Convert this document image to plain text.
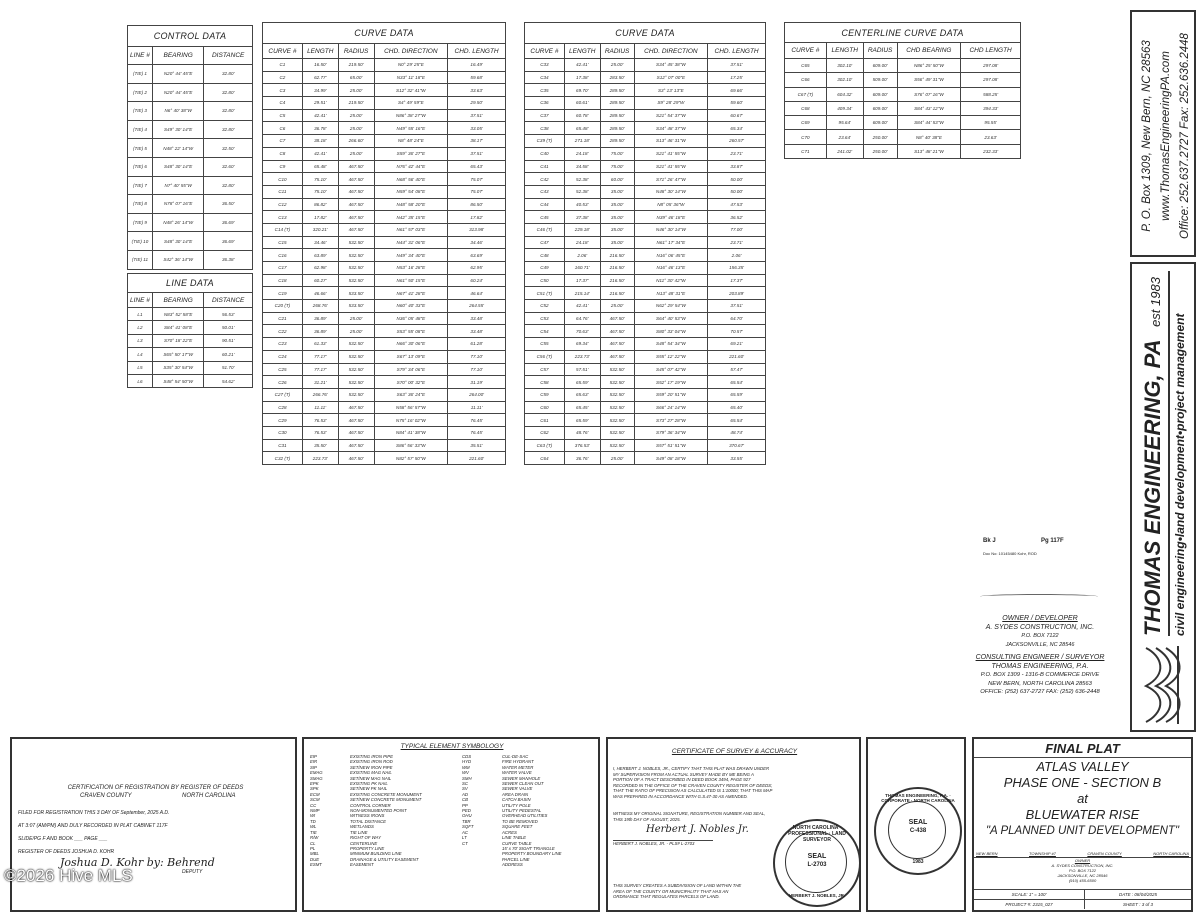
CONTROL DATA		
LINE #	BEARING	DISTANCE
(TIE) 1	N20° 44' 45"E	32.80'
(TIE) 2	N20° 44' 45"E	32.80'
(TIE) 3	N6° 40' 38"W	32.80'
(TIE) 4	S49° 30' 14"E	32.80'
(TIE) 5	N48° 22' 14"W	32.50'
(TIE) 6	S48° 30' 14"E	32.60'
(TIE) 7	N7° 40' 55"W	32.80'
(TIE) 8	N78° 07' 16"E	36.50'
(TIE) 9	N48° 26' 14"W	36.69'
(TIE) 10	S48° 30' 14"E	36.69'
(TIE) 11	S42° 36' 14"W	36.38'
LINE DATA		
LINE #	BEARING	DISTANCE
L1	N83° 52' 58"E	56.53'
L2	S84° 41' 08"E	50.01'
L3	S70° 18' 22"E	90.51'
L4	S65° 50' 17"W	60.21'
L5	S35° 30' 54"W	51.70'
L6	S48° 54' 50"W	54.62'
CURVE DATA				
CURVE #	LENGTH	RADIUS	CHD. DIRECTION	CHD. LENGTH
C1	16.50'	219.50'	N0° 29' 25"E	16.49'
C2	62.77'	65.00'	N33° 11' 18"E	59.68'
C3	34.99'	25.00'	S12° 32' 41"W	33.63'
C4	29.51'	219.50'	S4° 49' 59"E	29.50'
C5	42.41'	25.00'	N86° 38' 27"W	37.51'
C6	36.78'	25.00'	N49° 55' 16"E	33.05'
C7	38.18'	266.60'	N8° 48' 24"E	38.17'
C8	42.41'	25.00'	S59° 36' 27"E	37.51'
C9	65.48'	467.50'	N76° 42' 44"E	65.43'
C10	75.10'	467.50'	N68° 56' 40"E	75.07'
C11	75.10'	467.50'	N59° 54' 08"E	75.07'
C12	86.82'	467.50'	N48° 58' 20"E	86.50'
C13	17.82'	467.50'	N42° 35' 15"E	17.82'
C14 (T)	320.21'	467.50'	N61° 57' 03"E	313.98'
C15	34.46'	532.50'	N44° 31' 06"E	34.46'
C16	63.89'	532.50'	N49° 34' 40"E	63.69'
C17	62.98'	532.50'	N53° 16' 28"E	62.95'
C18	60.27'	532.50'	N61° 50' 15"E	60.24'
C19	46.66'	533.50'	N67° 41' 28"E	46.64'
C20 (T)	268.76'	533.50'	N60° 40' 33"E	264.55'
C21	36.89'	25.00'	N36° 05' 48"E	33.48'
C22	36.89'	25.00'	S53° 55' 08"E	33.48'
C23	61.33'	532.50'	N66° 30' 06"E	61.28'
C24	77.17'	532.50'	S67° 13' 09"E	77.10'
C25	77.17'	532.50'	S79° 34' 06"E	77.10'
C26	31.21'	532.50'	S70° 00' 32"E	31.19'
C27 (T)	266.76'	532.50'	S63° 36' 24"E	264.00'
C28	11.11'	467.50'	N58° 56' 57"W	11.11'
C29	76.53'	467.50'	N75° 16' 02"W	76.45'
C30	76.53'	467.50'	N84° 41' 38"W	76.45'
C31	35.50'	467.50'	S86° 56' 33"W	35.51'
C32 (T)	223.73'	467.50'	N82° 57' 50"W	221.60'
CURVE DATA				
CURVE #	LENGTH	RADIUS	CHD. DIRECTION	CHD. LENGTH
C33	42.41'	25.00'	S34° 45' 38"W	37.51'
C34	17.38'	283.50'	S12° 07' 00"E	17.25'
C35	69.70'	289.50'	S3° 13' 13"E	69.66'
C36	60.61'	289.50'	S9° 28' 29"W	59.60'
C37	60.78'	289.50'	S21° 54' 37"W	60.67'
C38	65.48'	289.50'	S34° 48' 37"W	65.34'
C39 (T)	271.18'	289.50'	S13° 46' 31"W	260.57'
C40	24.18'	75.00'	S21° 41' 55"W	23.71'
C41	34.58'	75.00'	S21° 41' 55"W	33.87'
C42	52.38'	60.00'	S71° 26' 47"W	50.00'
C43	52.38'	35.00'	N48° 30' 14"W	50.00'
C44	40.53'	35.00'	N8° 05' 36"W	47.53'
C45	37.38'	35.00'	N39° 46' 18"E	36.52'
C46 (T)	229.18'	35.00'	N46° 30' 14"W	77.00'
C47	24.18'	35.00'	N61° 17' 34"E	23.71'
C48	2.06'	216.50'	N16° 06' 45"E	2.06'
C49	160.71'	216.50'	N16° 46' 13"E	156.35'
C50	17.37'	216.50'	N11° 30' 42"W	17.37'
C51 (T)	215.14'	216.50'	N13° 48' 31"E	203.89'
C52	42.41'	25.00'	N62° 29' 54"W	37.51'
C53	64.76'	467.50'	S64° 40' 53"W	64.70'
C54	70.63'	467.50'	S80° 33' 04"W	70.57'
C55	69.34'	467.50'	S48° 54' 34"W	69.21'
C56 (T)	223.73'	467.50'	S55° 12' 22"W	221.60'
C57	57.51'	532.50'	S45° 07' 42"W	57.47'
C58	65.59'	532.50'	S52° 17' 19"W	65.54'
C59	65.63'	532.50'	S59° 20' 51"W	65.59'
C60	65.45'	532.50'	S66° 24' 14"W	65.40'
C61	65.59'	532.50'	S73° 27' 28"W	65.54'
C62	48.76'	532.50'	S79° 36' 34"W	48.74'
C63 (T)	376.53'	532.50'	S57° 51' 51"W	370.67'
C64	36.76'	25.00'	S49° 08' 18"W	33.55'
CENTERLINE CURVE DATA				
CURVE #	LENGTH	RADIUS	CHD BEARING	CHD LENGTH
C65	302.10'	609.00'	N86° 25' 50"W	297.08'
C66	302.10'	509.00'	S56° 49' 31"W	297.08'
C67 (T)	604.32'	609.00'	S76° 07' 16"W	588.25'
C68	409.34'	609.00'	S84° 43' 12"W	394.33'
C69	95.64'	609.00'	S84° 44' 53"W	95.55'
C70	23.64'	250.00'	N8° 40' 38"E	23.63'
C71	241.02'	250.00'	S13° 48' 21"W	232.33'	P. O. Box 1309, New Bern, NC 28563 www.ThomasEngineeringPA.com Office: 252.637.2727 Fax: 252.636.2448
THOMAS ENGINEERING, PA est 1983
civil engineering•land development•project management
Bk J	Pg 117F
Doc No: 10145480 Kohr, ROD
OWNER / DEVELOPER
A. SYDES CONSTRUCTION, INC.
P.O. BOX 7122
JACKSONVILLE, NC 28546
CONSULTING ENGINEER / SURVEYOR
THOMAS ENGINEERING, P.A.
P.O. BOX 1309 - 1316-B COMMERCE DRIVE
NEW BERN, NORTH CAROLINA 28563
OFFICE: (252) 637-2727 FAX: (252) 636-2448
CERTIFICATION OF REGISTRATION BY REGISTER OF DEEDS
CRAVEN COUNTY	NORTH CAROLINA
FILED FOR REGISTRATION THIS 3 DAY OF September, 2025 A.D.
AT 3:07 (AM/PM) AND DULY RECORDED IN PLAT CABINET 117F
SLIDE/PG F AND BOOK ___ PAGE ___
REGISTER OF DEEDS JOSHUA D. KOHR
Joshua D. Kohr by: Behrend
DEPUTY
©2026 Hive MLS
TYPICAL ELEMENT SYMBOLOGY
EIP	EXISTING IRON PIPE
EIR	EXISTING IRON ROD
SIP	SET/NEW IRON PIPE
EMAG	EXISTING MAG NAIL
SMAG	SET/NEW MAG NAIL
EPK	EXISTING PK NAIL
SPK	SET/NEW PK NAIL
ECM	EXISTING CONCRETE MONUMENT
SCM	SET/NEW CONCRETE MONUMENT
CC	CONTROL CORNER
NMP	NON-MONUMENTED POINT
WI	WITNESS IRONS
TD	TOTAL DISTANCE
WL	WETLANDS
TIE	TIE LINE
R/W	RIGHT OF WAY
CL	CENTERLINE
PL	PROPERTY LINE
MBL	MINIMUM BUILDING LINE
DUE	DRAINAGE & UTILITY EASEMENT
ESMT	EASEMENT
CDS	CUL-DE-SAC
HYD	FIRE HYDRANT
WM	WATER METER
WV	WATER VALVE
SMH	SEWER MANHOLE
SC	SEWER CLEAN OUT
SV	SEWER VALVE
AD	AREA DRAIN
CB	CATCH BASIN
PP	UTILITY POLE
PED	UTILITY PEDESTAL
OHU	OVERHEAD UTILITIES
TBR	TO BE REMOVED
SQFT	SQUARE FEET
AC	ACRES
LT	LINE TABLE
CT	CURVE TABLE
15' x 70' SIGHT TRIANGLE
PROPERTY BOUNDARY LINE
PARCEL LINE
ADDRESS
CERTIFICATE OF SURVEY & ACCURACY
I, HERBERT J. NOBLES, JR., CERTIFY THAT THIS PLAT WAS DRAWN UNDER MY SUPERVISION FROM AN ACTUAL SURVEY MADE BY ME BEING A PORTION OF A TRACT DESCRIBED IN DEED BOOK 3494, PAGE 927 RECORDED IN THE OFFICE OF THE CRAVEN COUNTY REGISTER OF DEEDS; THAT THE RATIO OF PRECISION AS CALCULATED IS 1:10000; THAT THIS MAP WAS PREPARED IN ACCORDANCE WITH G.S.47-30 AS AMENDED.
WITNESS MY ORIGINAL SIGNATURE, REGISTRATION NUMBER AND SEAL, THIS 19th DAY OF AUGUST, 2025.
Herbert J. Nobles Jr.
HERBERT J. NOBLES, JR. - PLS# L-2703
THIS SURVEY CREATES A SUBDIVISION OF LAND WITHIN THE AREA OF THE COUNTY OR MUNICIPALITY THAT HAS AN ORDINANCE THAT REGULATES PARCELS OF LAND.
NORTH CAROLINA · PROFESSIONAL · LAND SURVEYOR
SEAL
L-2703
HERBERT J. NOBLES, JR.
THOMAS ENGINEERING, P.A. · CORPORATE · NORTH CAROLINA
SEAL
C-438
1983
FINAL PLAT
ATLAS VALLEY
PHASE ONE - SECTION B
at
BLUEWATER RISE
"A PLANNED UNIT DEVELOPMENT"
NEW BERN	TOWNSHIP #7	CRAVEN COUNTY	NORTH CAROLINA
OWNER
A. SYDES CONSTRUCTION, INC.
P.O. BOX 7122
JACKSONVILLE, NC 28546
(910) 455-6500
SCALE: 1" = 100'	DATE : 08/04/2025
PROJECT #: 2315_027	SHEET : 3 of 3
